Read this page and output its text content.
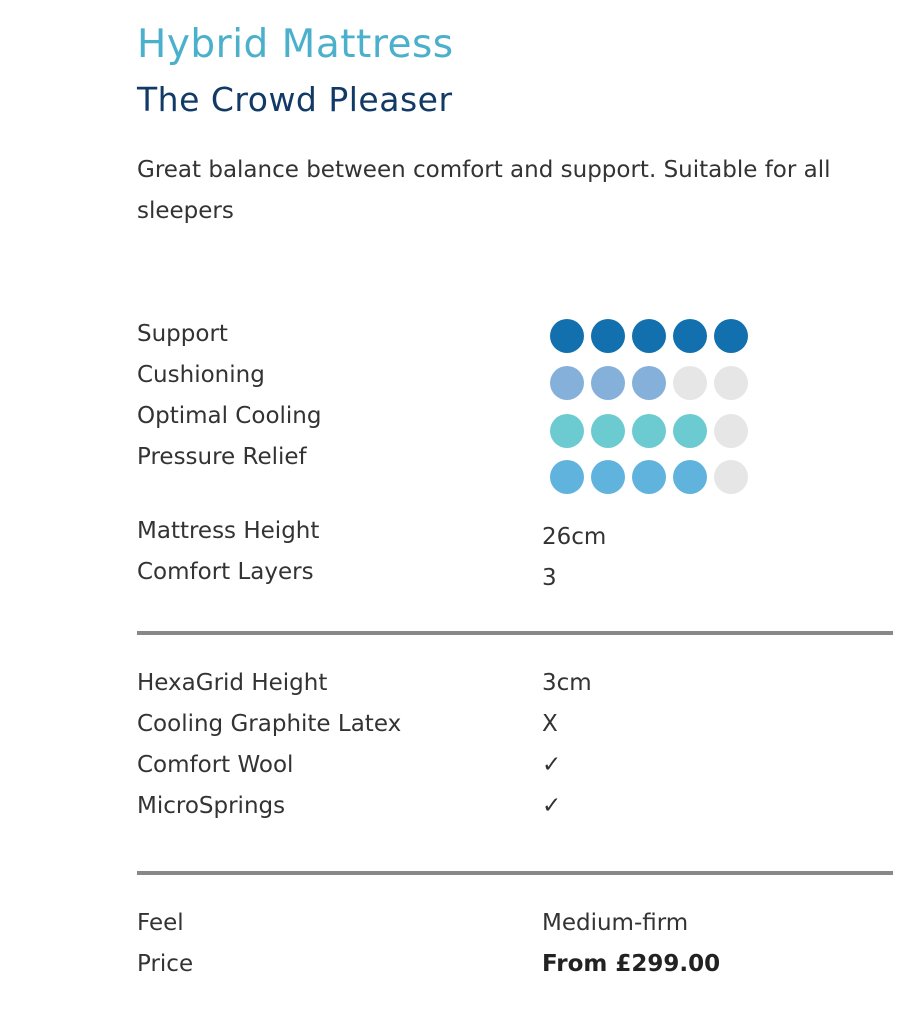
Hybrid Mattress
The Crowd Pleaser
Great balance between comfort and support. Suitable for all sleepers
Support
Cushioning
Optimal Cooling
Pressure Relief
Mattress Height	26cm
Comfort Layers	3
HexaGrid Height	3cm
Cooling Graphite Latex	X
Comfort Wool	✓
MicroSprings	✓
Feel	Medium-firm
Price	From £299.00
